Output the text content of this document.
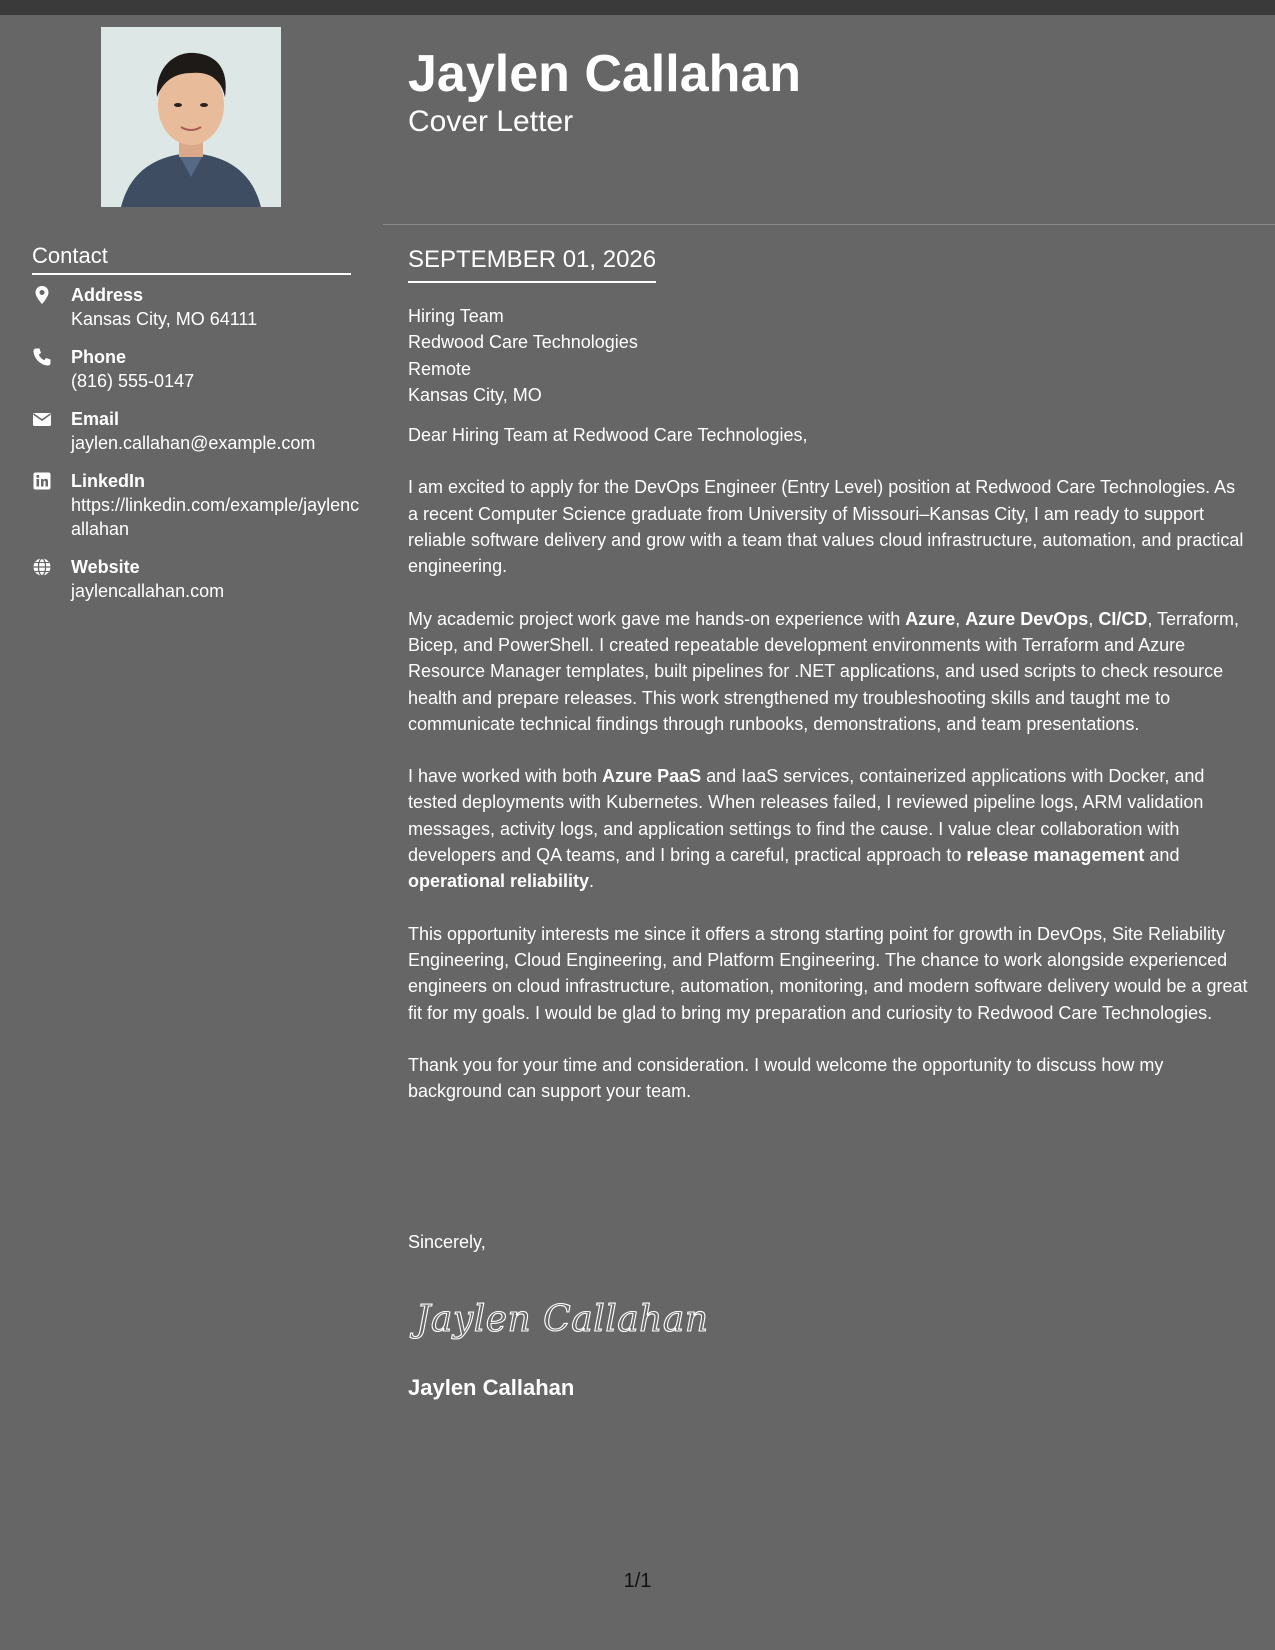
Contact
Address
Kansas City, MO 64111
Phone
(816) 555-0147
Email
jaylen.callahan@example.com
LinkedIn
https://linkedin.com/example/jaylencallahan
Website
jaylencallahan.com
Jaylen Callahan
Cover Letter
SEPTEMBER 01, 2026

Hiring Team
Redwood Care Technologies
Remote
Kansas City, MO

Dear Hiring Team at Redwood Care Technologies,

I am excited to apply for the DevOps Engineer (Entry Level) position at Redwood Care Technologies. As a recent Computer Science graduate from University of Missouri–Kansas City, I am ready to support reliable software delivery and grow with a team that values cloud infrastructure, automation, and practical engineering.

My academic project work gave me hands-on experience with Azure, Azure DevOps, CI/CD, Terraform, Bicep, and PowerShell. I created repeatable development environments with Terraform and Azure Resource Manager templates, built pipelines for .NET applications, and used scripts to check resource health and prepare releases. This work strengthened my troubleshooting skills and taught me to communicate technical findings through runbooks, demonstrations, and team presentations.

I have worked with both Azure PaaS and IaaS services, containerized applications with Docker, and tested deployments with Kubernetes. When releases failed, I reviewed pipeline logs, ARM validation messages, activity logs, and application settings to find the cause. I value clear collaboration with developers and QA teams, and I bring a careful, practical approach to release management and operational reliability.

This opportunity interests me since it offers a strong starting point for growth in DevOps, Site Reliability Engineering, Cloud Engineering, and Platform Engineering. The chance to work alongside experienced engineers on cloud infrastructure, automation, monitoring, and modern software delivery would be a great fit for my goals. I would be glad to bring my preparation and curiosity to Redwood Care Technologies.

Thank you for your time and consideration. I would welcome the opportunity to discuss how my background can support your team.

Sincerely,
Jaylen Callahan
Jaylen Callahan
1/1
